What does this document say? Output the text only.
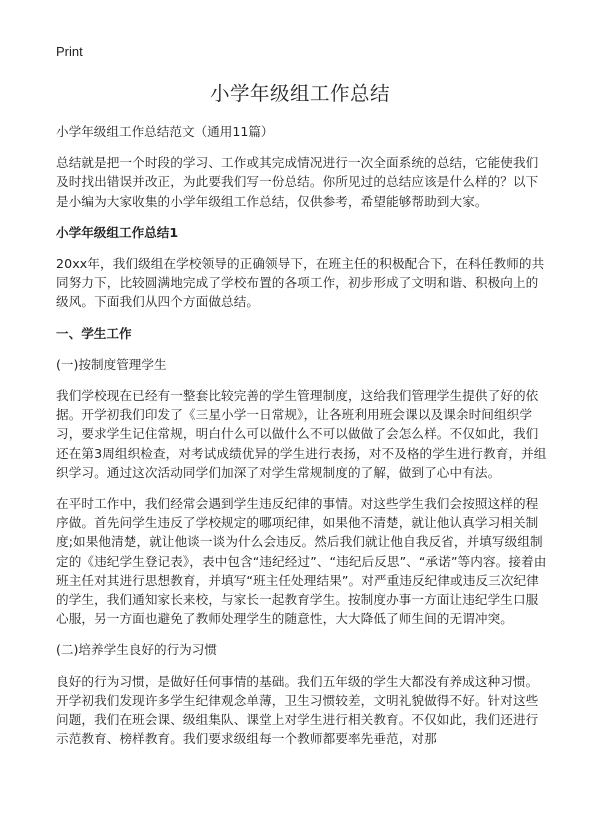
Print
小学年级组工作总结

小学年级组工作总结范文（通用11篇）

总结就是把一个时段的学习、工作或其完成情况进行一次全面系统的总结，它能使我们及时找出错误并改正，为此要我们写一份总结。你所见过的总结应该是什么样的？以下是小编为大家收集的小学年级组工作总结，仅供参考，希望能够帮助到大家。

小学年级组工作总结1

20xx年，我们级组在学校领导的正确领导下，在班主任的积极配合下，在科任教师的共同努力下，比较圆满地完成了学校布置的各项工作，初步形成了文明和谐、积极向上的级风。下面我们从四个方面做总结。

一、学生工作

(一)按制度管理学生

我们学校现在已经有一整套比较完善的学生管理制度，这给我们管理学生提供了好的依据。开学初我们印发了《三星小学一日常规》，让各班利用班会课以及课余时间组织学习，要求学生记住常规，明白什么可以做什么不可以做做了会怎么样。不仅如此，我们还在第3周组织检查，对考试成绩优异的学生进行表扬，对不及格的学生进行教育，并组织学习。通过这次活动同学们加深了对学生常规制度的了解，做到了心中有法。

在平时工作中，我们经常会遇到学生违反纪律的事情。对这些学生我们会按照这样的程序做。首先问学生违反了学校规定的哪项纪律，如果他不清楚，就让他认真学习相关制度;如果他清楚，就让他谈一谈为什么会违反。然后我们就让他自我反省，并填写级组制定的《违纪学生登记表》，表中包含“违纪经过”、“违纪后反思”、“承诺”等内容。接着由班主任对其进行思想教育，并填写“班主任处理结果”。对严重违反纪律或违反三次纪律的学生，我们通知家长来校，与家长一起教育学生。按制度办事一方面让违纪学生口服心服，另一方面也避免了教师处理学生的随意性，大大降低了师生间的无谓冲突。

(二)培养学生良好的行为习惯

良好的行为习惯，是做好任何事情的基础。我们五年级的学生大都没有养成这种习惯。开学初我们发现许多学生纪律观念单薄，卫生习惯较差，文明礼貌做得不好。针对这些问题，我们在班会课、级组集队、课堂上对学生进行相关教育。不仅如此，我们还进行示范教育、榜样教育。我们要求级组每一个教师都要率先垂范，对那
